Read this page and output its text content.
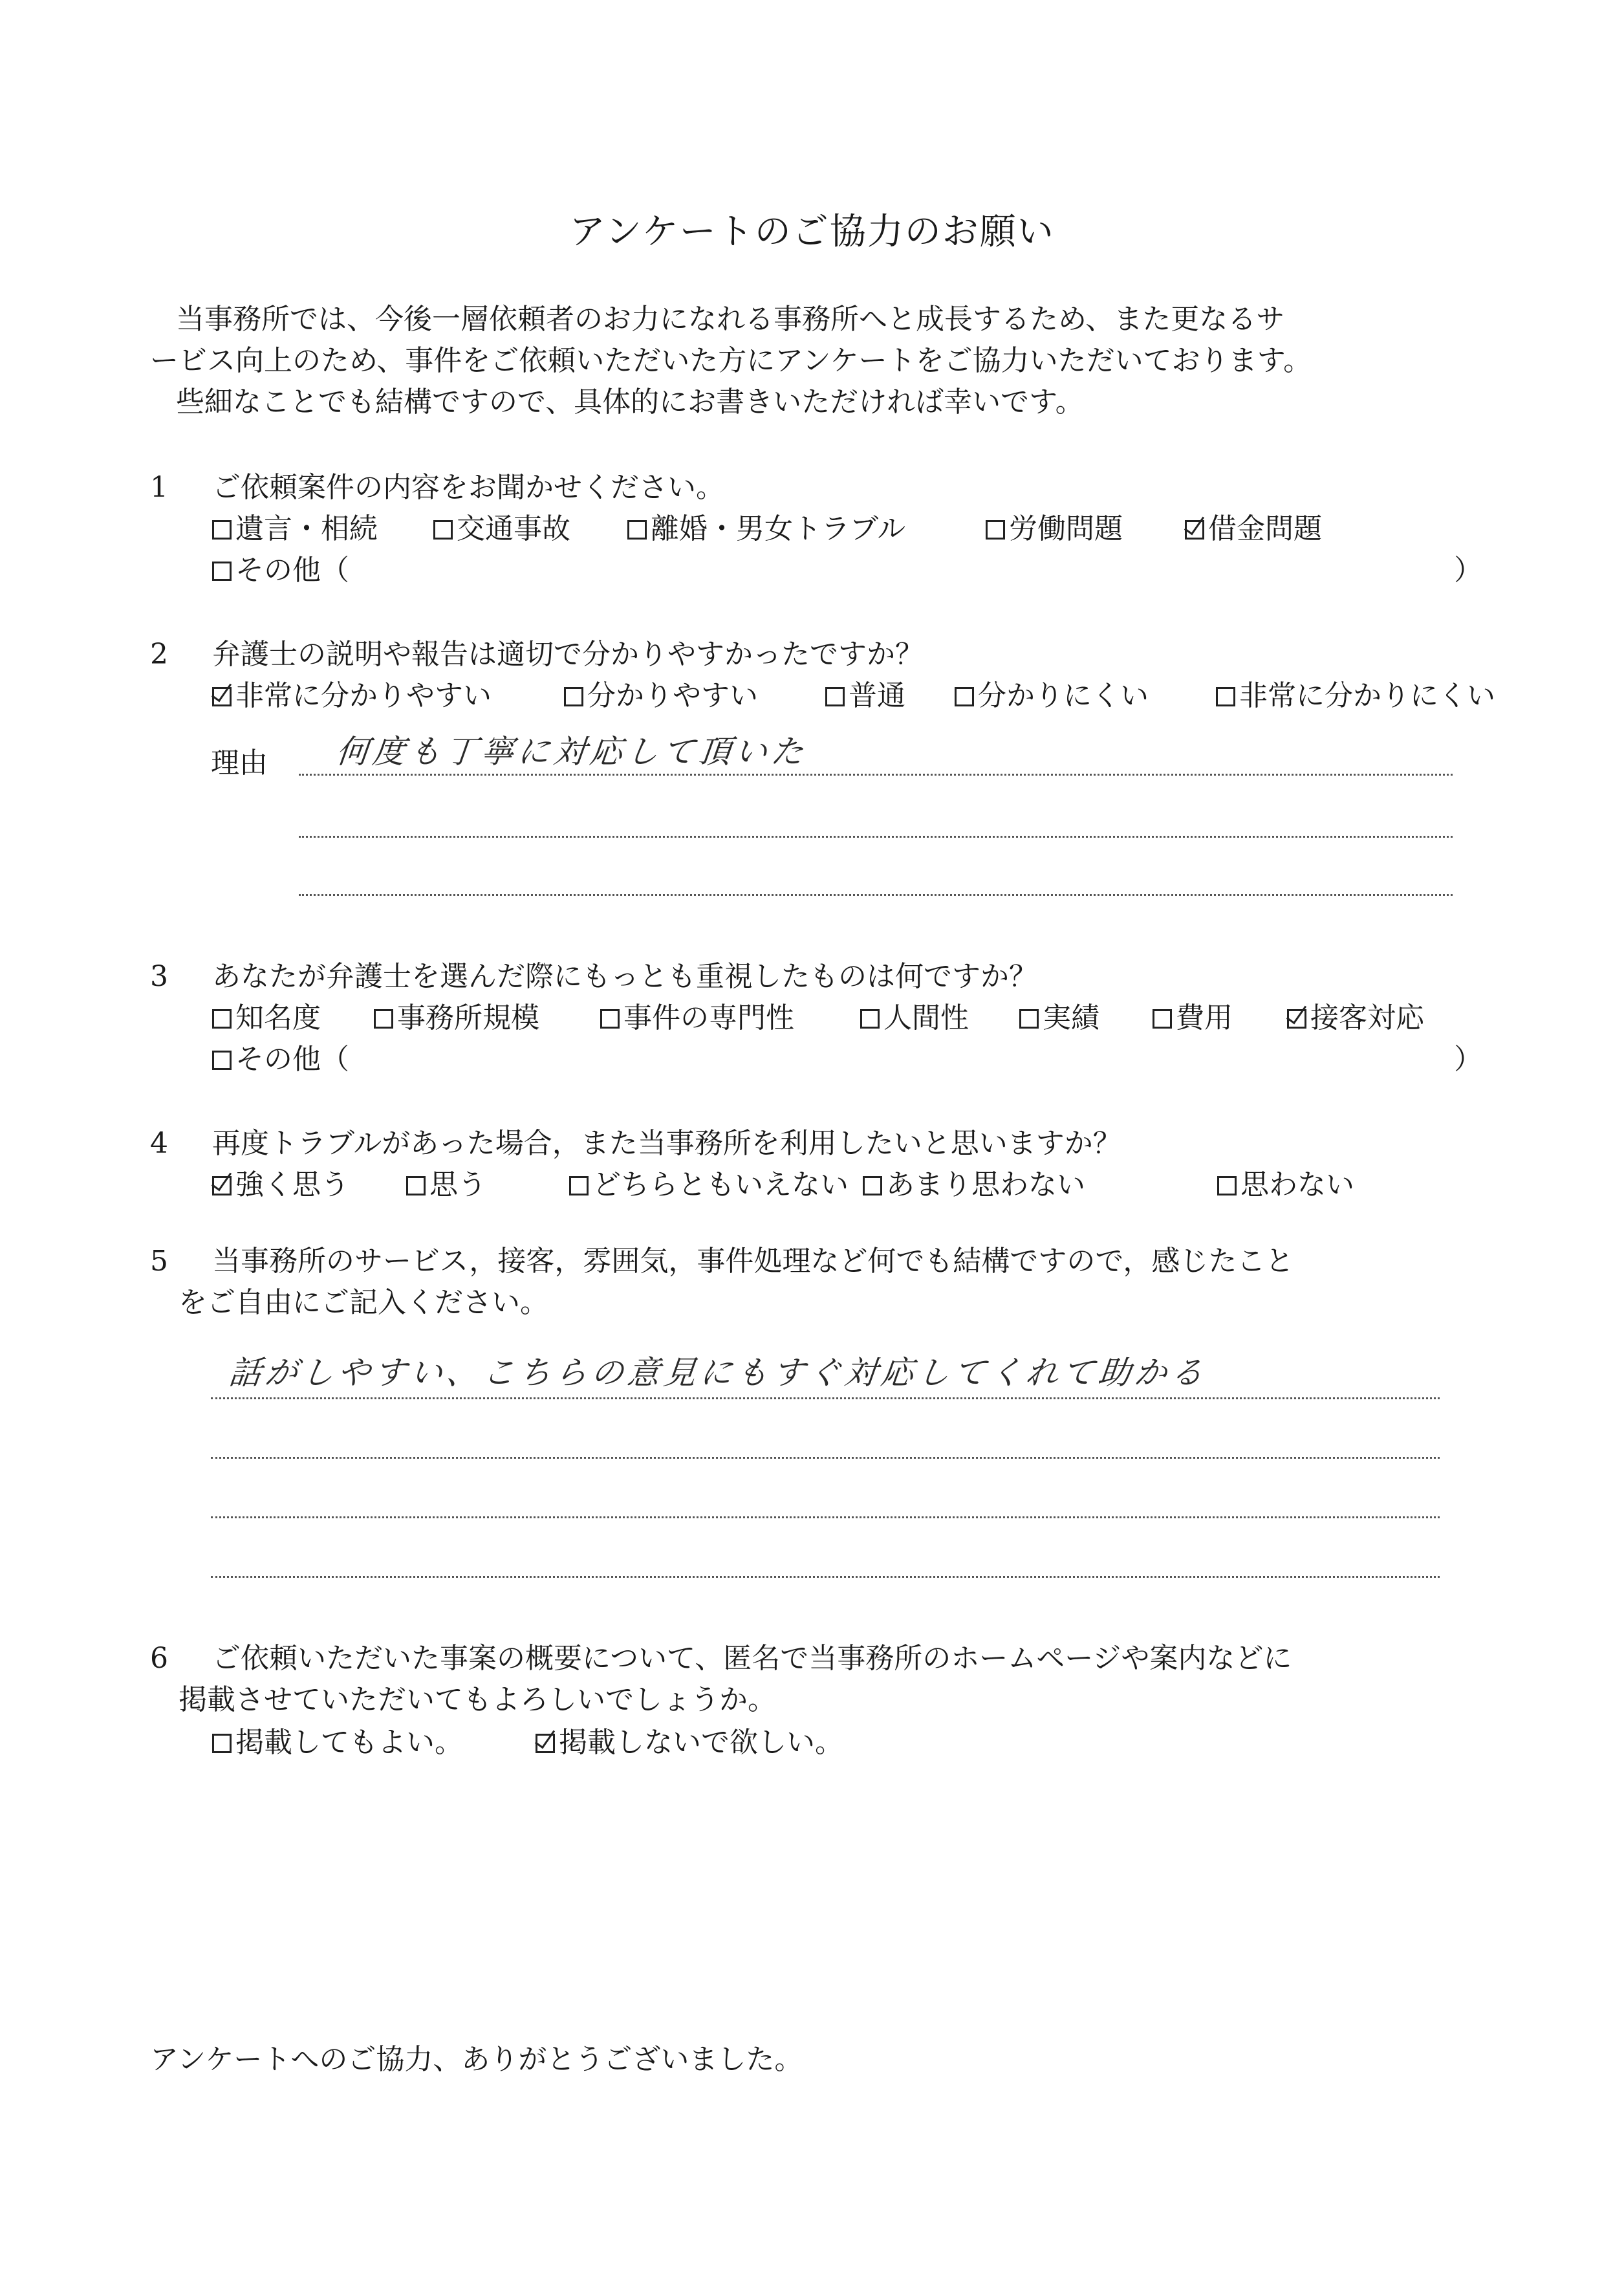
アンケートのご協力のお願い

当事務所では、今後一層依頼者のお力になれる事務所へと成長するため、また更なるサ

ービス向上のため、事件をご依頼いただいた方にアンケートをご協力いただいております。

些細なことでも結構ですので、具体的にお書きいただければ幸いです。

1	ご依頼案件の内容をお聞かせください。
遺言・相続	交通事故	離婚・男女トラブル	労働問題	借金問題
その他（	）
2	弁護士の説明や報告は適切で分かりやすかったですか？
非常に分かりやすい	分かりやすい	普通	分かりにくい	非常に分かりにくい
理由 何度も丁寧に対応して頂いた
3	あなたが弁護士を選んだ際にもっとも重視したものは何ですか？
知名度	事務所規模	事件の専門性	人間性	実績	費用	接客対応
その他（	）
4	再度トラブルがあった場合，また当事務所を利用したいと思いますか？
強く思う	思う	どちらともいえない	あまり思わない	思わない
5	当事務所のサービス，接客，雰囲気，事件処理など何でも結構ですので，感じたこと
をご自由にご記入ください。
話がしやすい、こちらの意見にもすぐ対応してくれて助かる
6	ご依頼いただいた事案の概要について、匿名で当事務所のホームページや案内などに
掲載させていただいてもよろしいでしょうか。
掲載してもよい。	掲載しないで欲しい。
アンケートへのご協力、ありがとうございました。
